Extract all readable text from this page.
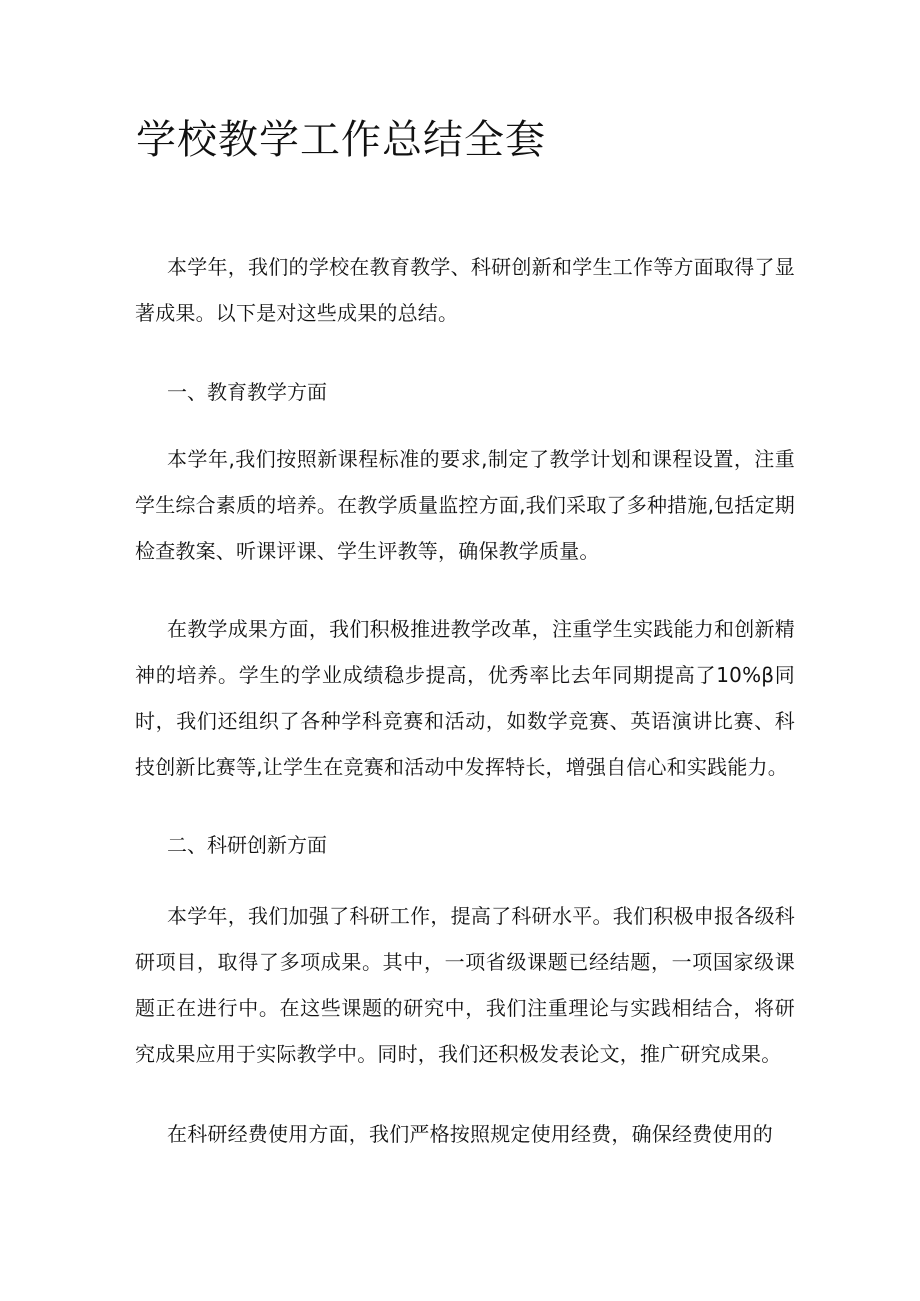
学校教学工作总结全套

本学年，我们的学校在教育教学、科研创新和学生工作等方面取得了显著成果。以下是对这些成果的总结。

一、教育教学方面

本学年,我们按照新课程标准的要求,制定了教学计划和课程设置，注重学生综合素质的培养。在教学质量监控方面,我们采取了多种措施,包括定期检查教案、听课评课、学生评教等，确保教学质量。

在教学成果方面，我们积极推进教学改革，注重学生实践能力和创新精神的培养。学生的学业成绩稳步提高，优秀率比去年同期提高了10%β同时，我们还组织了各种学科竞赛和活动，如数学竞赛、英语演讲比赛、科技创新比赛等,让学生在竞赛和活动中发挥特长，增强自信心和实践能力。

二、科研创新方面

本学年，我们加强了科研工作，提高了科研水平。我们积极申报各级科研项目，取得了多项成果。其中，一项省级课题已经结题，一项国家级课题正在进行中。在这些课题的研究中，我们注重理论与实践相结合，将研究成果应用于实际教学中。同时，我们还积极发表论文，推广研究成果。

在科研经费使用方面，我们严格按照规定使用经费，确保经费使用的
